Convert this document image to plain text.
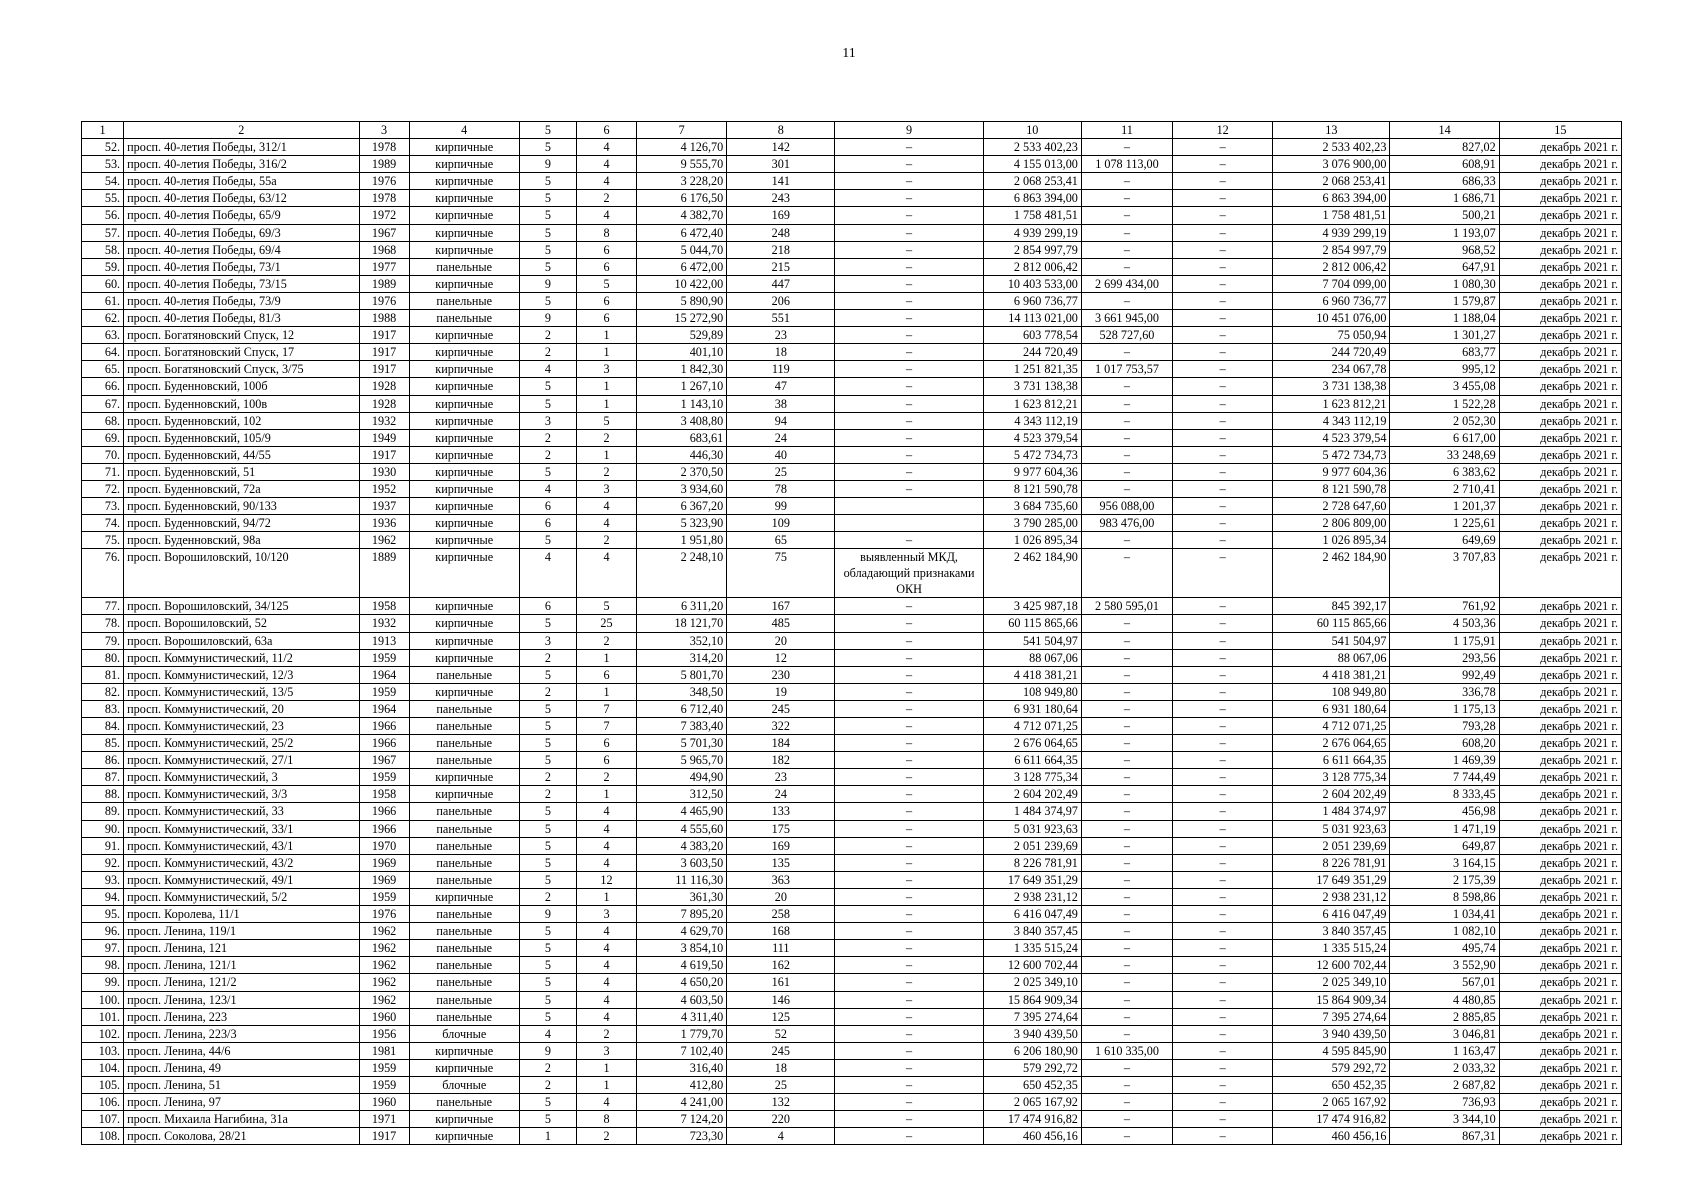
11
1	2	3	4	5	6	7	8	9	10	11	12	13	14	15
52.	просп. 40-летия Победы, 312/1	1978	кирпичные	5	4	4 126,70	142	–	2 533 402,23	–	–	2 533 402,23	827,02	декабрь 2021 г.
53.	просп. 40-летия Победы, 316/2	1989	кирпичные	9	4	9 555,70	301	–	4 155 013,00	1 078 113,00	–	3 076 900,00	608,91	декабрь 2021 г.
54.	просп. 40-летия Победы, 55а	1976	кирпичные	5	4	3 228,20	141	–	2 068 253,41	–	–	2 068 253,41	686,33	декабрь 2021 г.
55.	просп. 40-летия Победы, 63/12	1978	кирпичные	5	2	6 176,50	243	–	6 863 394,00	–	–	6 863 394,00	1 686,71	декабрь 2021 г.
56.	просп. 40-летия Победы, 65/9	1972	кирпичные	5	4	4 382,70	169	–	1 758 481,51	–	–	1 758 481,51	500,21	декабрь 2021 г.
57.	просп. 40-летия Победы, 69/3	1967	кирпичные	5	8	6 472,40	248	–	4 939 299,19	–	–	4 939 299,19	1 193,07	декабрь 2021 г.
58.	просп. 40-летия Победы, 69/4	1968	кирпичные	5	6	5 044,70	218	–	2 854 997,79	–	–	2 854 997,79	968,52	декабрь 2021 г.
59.	просп. 40-летия Победы, 73/1	1977	панельные	5	6	6 472,00	215	–	2 812 006,42	–	–	2 812 006,42	647,91	декабрь 2021 г.
60.	просп. 40-летия Победы, 73/15	1989	кирпичные	9	5	10 422,00	447	–	10 403 533,00	2 699 434,00	–	7 704 099,00	1 080,30	декабрь 2021 г.
61.	просп. 40-летия Победы, 73/9	1976	панельные	5	6	5 890,90	206	–	6 960 736,77	–	–	6 960 736,77	1 579,87	декабрь 2021 г.
62.	просп. 40-летия Победы, 81/3	1988	панельные	9	6	15 272,90	551	–	14 113 021,00	3 661 945,00	–	10 451 076,00	1 188,04	декабрь 2021 г.
63.	просп. Богатяновский Спуск, 12	1917	кирпичные	2	1	529,89	23	–	603 778,54	528 727,60	–	75 050,94	1 301,27	декабрь 2021 г.
64.	просп. Богатяновский Спуск, 17	1917	кирпичные	2	1	401,10	18	–	244 720,49	–	–	244 720,49	683,77	декабрь 2021 г.
65.	просп. Богатяновский Спуск, 3/75	1917	кирпичные	4	3	1 842,30	119	–	1 251 821,35	1 017 753,57	–	234 067,78	995,12	декабрь 2021 г.
66.	просп. Буденновский, 100б	1928	кирпичные	5	1	1 267,10	47	–	3 731 138,38	–	–	3 731 138,38	3 455,08	декабрь 2021 г.
67.	просп. Буденновский, 100в	1928	кирпичные	5	1	1 143,10	38	–	1 623 812,21	–	–	1 623 812,21	1 522,28	декабрь 2021 г.
68.	просп. Буденновский, 102	1932	кирпичные	3	5	3 408,80	94	–	4 343 112,19	–	–	4 343 112,19	2 052,30	декабрь 2021 г.
69.	просп. Буденновский, 105/9	1949	кирпичные	2	2	683,61	24	–	4 523 379,54	–	–	4 523 379,54	6 617,00	декабрь 2021 г.
70.	просп. Буденновский, 44/55	1917	кирпичные	2	1	446,30	40	–	5 472 734,73	–	–	5 472 734,73	33 248,69	декабрь 2021 г.
71.	просп. Буденновский, 51	1930	кирпичные	5	2	2 370,50	25	–	9 977 604,36	–	–	9 977 604,36	6 383,62	декабрь 2021 г.
72.	просп. Буденновский, 72а	1952	кирпичные	4	3	3 934,60	78	–	8 121 590,78	–	–	8 121 590,78	2 710,41	декабрь 2021 г.
73.	просп. Буденновский, 90/133	1937	кирпичные	6	4	6 367,20	99		3 684 735,60	956 088,00	–	2 728 647,60	1 201,37	декабрь 2021 г.
74.	просп. Буденновский, 94/72	1936	кирпичные	6	4	5 323,90	109		3 790 285,00	983 476,00	–	2 806 809,00	1 225,61	декабрь 2021 г.
75.	просп. Буденновский, 98а	1962	кирпичные	5	2	1 951,80	65	–	1 026 895,34	–	–	1 026 895,34	649,69	декабрь 2021 г.
76.	просп. Ворошиловский, 10/120	1889	кирпичные	4	4	2 248,10	75	выявленный МКД, обладающий признаками ОКН	2 462 184,90	–	–	2 462 184,90	3 707,83	декабрь 2021 г.
77.	просп. Ворошиловский, 34/125	1958	кирпичные	6	5	6 311,20	167	–	3 425 987,18	2 580 595,01	–	845 392,17	761,92	декабрь 2021 г.
78.	просп. Ворошиловский, 52	1932	кирпичные	5	25	18 121,70	485	–	60 115 865,66	–	–	60 115 865,66	4 503,36	декабрь 2021 г.
79.	просп. Ворошиловский, 63а	1913	кирпичные	3	2	352,10	20	–	541 504,97	–	–	541 504,97	1 175,91	декабрь 2021 г.
80.	просп. Коммунистический, 11/2	1959	кирпичные	2	1	314,20	12	–	88 067,06	–	–	88 067,06	293,56	декабрь 2021 г.
81.	просп. Коммунистический, 12/3	1964	панельные	5	6	5 801,70	230	–	4 418 381,21	–	–	4 418 381,21	992,49	декабрь 2021 г.
82.	просп. Коммунистический, 13/5	1959	кирпичные	2	1	348,50	19	–	108 949,80	–	–	108 949,80	336,78	декабрь 2021 г.
83.	просп. Коммунистический, 20	1964	панельные	5	7	6 712,40	245	–	6 931 180,64	–	–	6 931 180,64	1 175,13	декабрь 2021 г.
84.	просп. Коммунистический, 23	1966	панельные	5	7	7 383,40	322	–	4 712 071,25	–	–	4 712 071,25	793,28	декабрь 2021 г.
85.	просп. Коммунистический, 25/2	1966	панельные	5	6	5 701,30	184	–	2 676 064,65	–	–	2 676 064,65	608,20	декабрь 2021 г.
86.	просп. Коммунистический, 27/1	1967	панельные	5	6	5 965,70	182	–	6 611 664,35	–	–	6 611 664,35	1 469,39	декабрь 2021 г.
87.	просп. Коммунистический, 3	1959	кирпичные	2	2	494,90	23	–	3 128 775,34	–	–	3 128 775,34	7 744,49	декабрь 2021 г.
88.	просп. Коммунистический, 3/3	1958	кирпичные	2	1	312,50	24	–	2 604 202,49	–	–	2 604 202,49	8 333,45	декабрь 2021 г.
89.	просп. Коммунистический, 33	1966	панельные	5	4	4 465,90	133	–	1 484 374,97	–	–	1 484 374,97	456,98	декабрь 2021 г.
90.	просп. Коммунистический, 33/1	1966	панельные	5	4	4 555,60	175	–	5 031 923,63	–	–	5 031 923,63	1 471,19	декабрь 2021 г.
91.	просп. Коммунистический, 43/1	1970	панельные	5	4	4 383,20	169	–	2 051 239,69	–	–	2 051 239,69	649,87	декабрь 2021 г.
92.	просп. Коммунистический, 43/2	1969	панельные	5	4	3 603,50	135	–	8 226 781,91	–	–	8 226 781,91	3 164,15	декабрь 2021 г.
93.	просп. Коммунистический, 49/1	1969	панельные	5	12	11 116,30	363	–	17 649 351,29	–	–	17 649 351,29	2 175,39	декабрь 2021 г.
94.	просп. Коммунистический, 5/2	1959	кирпичные	2	1	361,30	20	–	2 938 231,12	–	–	2 938 231,12	8 598,86	декабрь 2021 г.
95.	просп. Королева, 11/1	1976	панельные	9	3	7 895,20	258	–	6 416 047,49	–	–	6 416 047,49	1 034,41	декабрь 2021 г.
96.	просп. Ленина, 119/1	1962	панельные	5	4	4 629,70	168	–	3 840 357,45	–	–	3 840 357,45	1 082,10	декабрь 2021 г.
97.	просп. Ленина, 121	1962	панельные	5	4	3 854,10	111	–	1 335 515,24	–	–	1 335 515,24	495,74	декабрь 2021 г.
98.	просп. Ленина, 121/1	1962	панельные	5	4	4 619,50	162	–	12 600 702,44	–	–	12 600 702,44	3 552,90	декабрь 2021 г.
99.	просп. Ленина, 121/2	1962	панельные	5	4	4 650,20	161	–	2 025 349,10	–	–	2 025 349,10	567,01	декабрь 2021 г.
100.	просп. Ленина, 123/1	1962	панельные	5	4	4 603,50	146	–	15 864 909,34	–	–	15 864 909,34	4 480,85	декабрь 2021 г.
101.	просп. Ленина, 223	1960	панельные	5	4	4 311,40	125	–	7 395 274,64	–	–	7 395 274,64	2 885,85	декабрь 2021 г.
102.	просп. Ленина, 223/3	1956	блочные	4	2	1 779,70	52	–	3 940 439,50	–	–	3 940 439,50	3 046,81	декабрь 2021 г.
103.	просп. Ленина, 44/6	1981	кирпичные	9	3	7 102,40	245	–	6 206 180,90	1 610 335,00	–	4 595 845,90	1 163,47	декабрь 2021 г.
104.	просп. Ленина, 49	1959	кирпичные	2	1	316,40	18	–	579 292,72	–	–	579 292,72	2 033,32	декабрь 2021 г.
105.	просп. Ленина, 51	1959	блочные	2	1	412,80	25	–	650 452,35	–	–	650 452,35	2 687,82	декабрь 2021 г.
106.	просп. Ленина, 97	1960	панельные	5	4	4 241,00	132	–	2 065 167,92	–	–	2 065 167,92	736,93	декабрь 2021 г.
107.	просп. Михаила Нагибина, 31а	1971	кирпичные	5	8	7 124,20	220	–	17 474 916,82	–	–	17 474 916,82	3 344,10	декабрь 2021 г.
108.	просп. Соколова, 28/21	1917	кирпичные	1	2	723,30	4	–	460 456,16	–	–	460 456,16	867,31	декабрь 2021 г.
